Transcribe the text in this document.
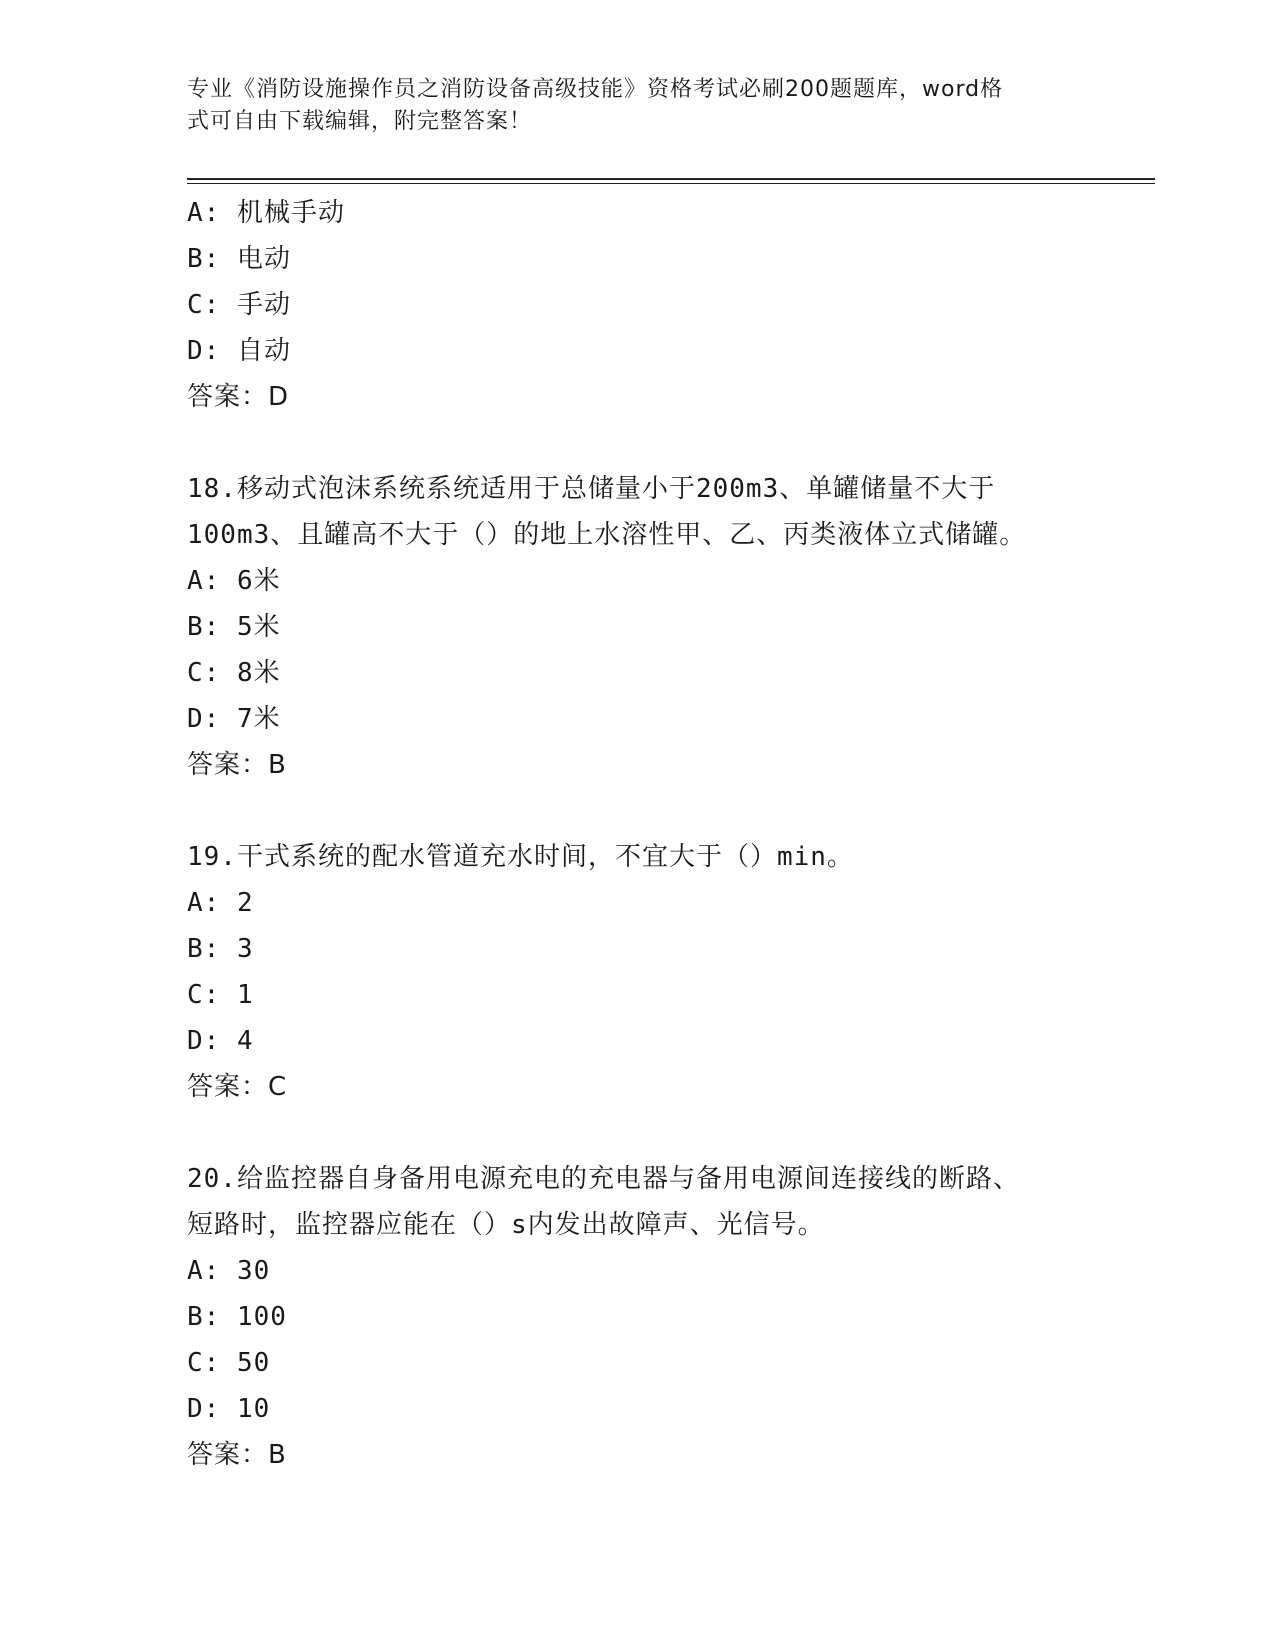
专业《消防设施操作员之消防设备高级技能》资格考试必刷200题题库，word格
式可自由下载编辑，附完整答案！
A: 机械手动
B: 电动
C: 手动
D: 自动
答案：D
18.移动式泡沫系统系统适用于总储量小于200m3、单罐储量不大于
100m3、且罐高不大于（）的地上水溶性甲、乙、丙类液体立式储罐。
A: 6米
B: 5米
C: 8米
D: 7米
答案：B
19.干式系统的配水管道充水时间，不宜大于（）min。
A: 2
B: 3
C: 1
D: 4
答案：C
20.给监控器自身备用电源充电的充电器与备用电源间连接线的断路、
短路时，监控器应能在（）s内发出故障声、光信号。
A: 30
B: 100
C: 50
D: 10
答案：B
